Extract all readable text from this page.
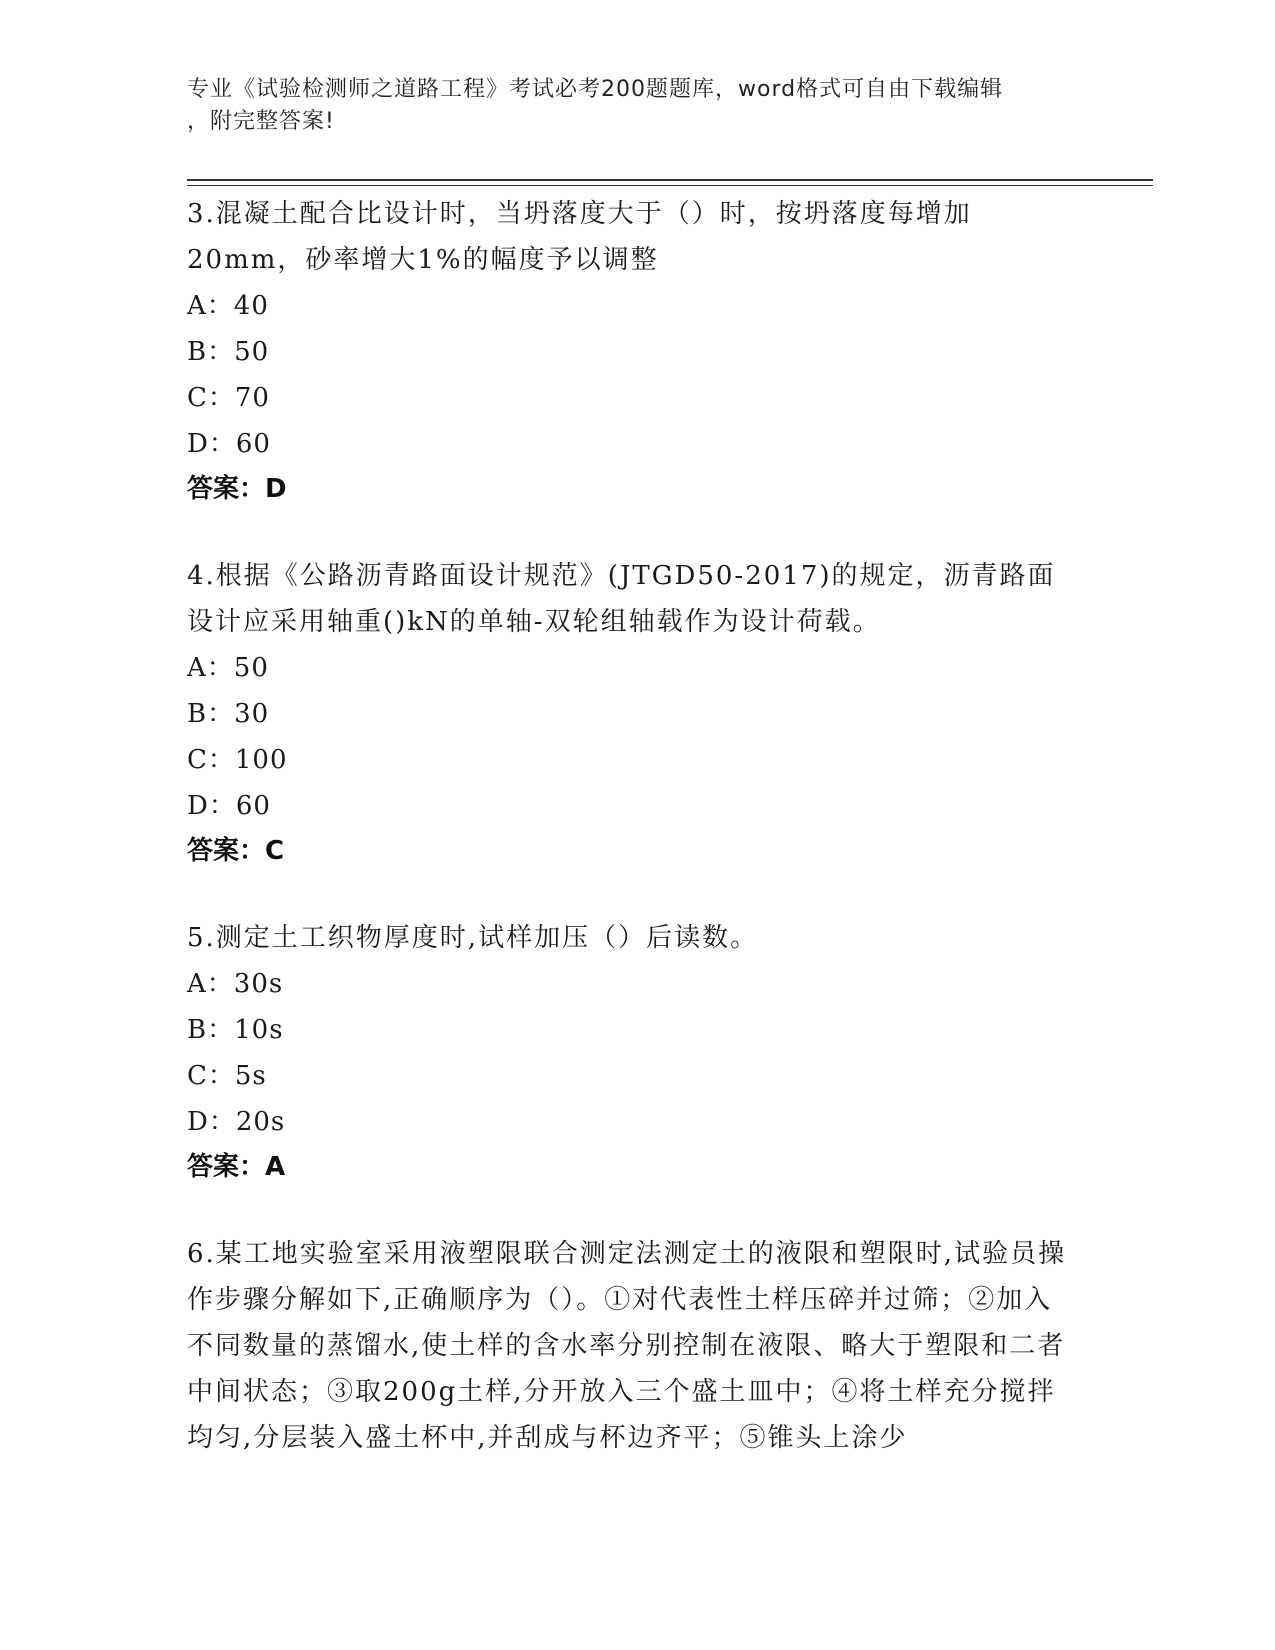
专业《试验检测师之道路工程》考试必考200题题库，word格式可自由下载编辑
，附完整答案!

3.混凝土配合比设计时，当坍落度大于（）时，按坍落度每增加20mm，砂率增大1%的幅度予以调整

A：40

B：50

C：70

D：60

答案：D

4.根据《公路沥青路面设计规范》(JTGD50-2017)的规定，沥青路面设计应采用轴重()kN的单轴-双轮组轴载作为设计荷载。

A：50

B：30

C：100

D：60

答案：C

5.测定土工织物厚度时,试样加压（）后读数。

A：30s

B：10s

C：5s

D：20s

答案：A

6.某工地实验室采用液塑限联合测定法测定土的液限和塑限时,试验员操作步骤分解如下,正确顺序为（）。①对代表性土样压碎并过筛；②加入不同数量的蒸馏水,使土样的含水率分别控制在液限、略大于塑限和二者中间状态；③取200g土样,分开放入三个盛土皿中；④将土样充分搅拌均匀,分层装入盛土杯中,并刮成与杯边齐平；⑤锥头上涂少
